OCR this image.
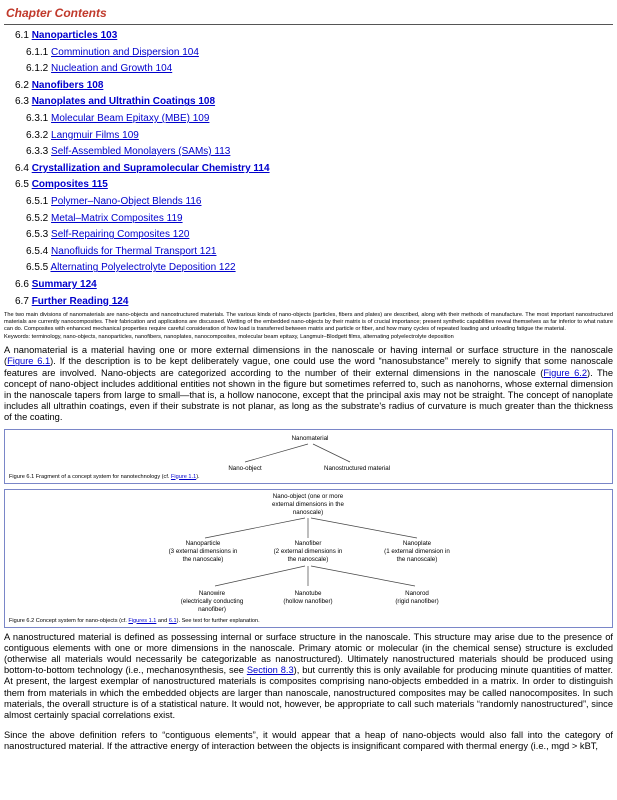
Chapter Contents
6.1 Nanoparticles 103
6.1.1 Comminution and Dispersion 104
6.1.2 Nucleation and Growth 104
6.2 Nanofibers 108
6.3 Nanoplates and Ultrathin Coatings 108
6.3.1 Molecular Beam Epitaxy (MBE) 109
6.3.2 Langmuir Films 109
6.3.3 Self-Assembled Monolayers (SAMs) 113
6.4 Crystallization and Supramolecular Chemistry 114
6.5 Composites 115
6.5.1 Polymer–Nano-Object Blends 116
6.5.2 Metal–Matrix Composites 119
6.5.3 Self-Repairing Composites 120
6.5.4 Nanofluids for Thermal Transport 121
6.5.5 Alternating Polyelectrolyte Deposition 122
6.6 Summary 124
6.7 Further Reading 124
The two main divisions of nanomaterials are nano-objects and nanostructured materials. The various kinds of nano-objects (particles, fibers and plates) are described, along with their methods of manufacture. The most important nanostructured materials are currently nanocomposites. Their fabrication and applications are discussed. Wetting of the embedded nano-objects by their matrix is of crucial importance; present synthetic capabilities reveal themselves as far inferior to what nature can do. Composites with enhanced mechanical properties require careful consideration of how load is transferred between matrix and particle or fiber, and how many cycles of repeated loading and unloading fatigue the material.
Keywords: terminology, nano-objects, nanoparticles, nanofibers, nanoplates, nanocomposites, molecular beam epitaxy, Langmuir–Blodgett films, alternating polyelectrolyte deposition

A nanomaterial is a material having one or more external dimensions in the nanoscale or having internal or surface structure in the nanoscale (Figure 6.1). If the description is to be kept deliberately vague, one could use the word “nanosubstance” merely to signify that some nanoscale features are involved. Nano-objects are categorized according to the number of their external dimensions in the nanoscale (Figure 6.2). The concept of nano-object includes additional entities not shown in the figure but sometimes referred to, such as nanohorns, whose external dimension in the nanoscale tapers from large to small—that is, a hollow nanocone, except that the principal axis may not be straight. The concept of nanoplate includes all ultrathin coatings, even if their substrate is not planar, as long as the substrate's radius of curvature is much greater than the thickness of the coating.

Nanomaterial
Nano-object	Nanostructured material
Figure 6.1 Fragment of a concept system for nanotechnology (cf. Figure 1.1).
Nano-object (one or more
external dimensions in the
nanoscale)
Nanoparticle
(3 external dimensions in
the nanoscale)
Nanofiber
(2 external dimensions in
the nanoscale)
Nanoplate
(1 external dimension in
the nanoscale)
Nanowire
(electrically conducting
nanofiber)
Nanotube
(hollow nanofiber)
Nanorod
(rigid nanofiber)
Figure 6.2 Concept system for nano-objects (cf. Figures 1.1 and 6.1). See text for further explanation.

A nanostructured material is defined as possessing internal or surface structure in the nanoscale. This structure may arise due to the presence of contiguous elements with one or more dimensions in the nanoscale. Primary atomic or molecular (in the chemical sense) structure is excluded (otherwise all materials would necessarily be categorizable as nanostructured). Ultimately nanostructured materials should be produced using bottom-to-bottom technology (i.e., mechanosynthesis, see Section 8.3), but currently this is only available for producing minute quantities of matter. At present, the largest exemplar of nanostructured materials is composites comprising nano-objects embedded in a matrix. In order to distinguish them from materials in which the embedded objects are larger than nanoscale, nanostructured composites may be called nanocomposites. In such materials, the overall structure is of a statistical nature. It would not, however, be appropriate to call such materials “randomly nanostructured”, since almost certainly spacial correlations exist.

Since the above definition refers to “contiguous elements”, it would appear that a heap of nano-objects would also fall into the category of nanostructured material. If the attractive energy of interaction between the objects is insignificant compared with thermal energy (i.e., mgd > kBT,
